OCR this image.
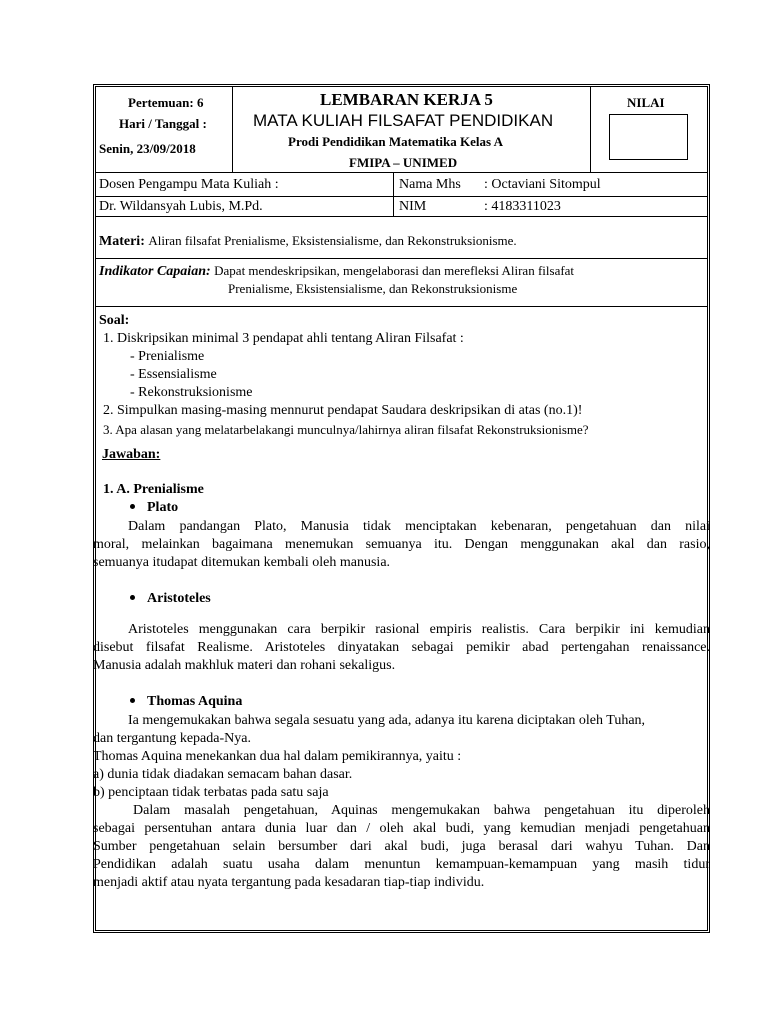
Pertemuan: 6
Hari / Tanggal :
Senin, 23/09/2018
LEMBARAN KERJA 5
MATA KULIAH FILSAFAT PENDIDIKAN
Prodi Pendidikan Matematika Kelas A
FMIPA – UNIMED
NILAI
Dosen Pengampu Mata Kuliah :
Dr. Wildansyah Lubis, M.Pd.
Nama Mhs : Octaviani Sitompul
NIM	: 4183311023
Materi: Aliran filsafat Prenialisme, Eksistensialisme, dan Rekonstruksionisme.
Indikator Capaian: Dapat mendeskripsikan, mengelaborasi dan merefleksi Aliran filsafat
Prenialisme, Eksistensialisme, dan Rekonstruksionisme
Soal:
1. Diskripsikan minimal 3 pendapat ahli tentang Aliran Filsafat :
- Prenialisme
- Essensialisme
- Rekonstruksionisme
2. Simpulkan masing-masing mennurut pendapat Saudara deskripsikan di atas (no.1)!
3. Apa alasan yang melatarbelakangi munculnya/lahirnya aliran filsafat Rekonstruksionisme?
Jawaban:
1. A. Prenialisme
Plato
Dalam pandangan Plato, Manusia tidak menciptakan kebenaran, pengetahuan dan nilai
moral, melainkan bagaimana menemukan semuanya itu. Dengan menggunakan akal dan rasio,
semuanya itudapat ditemukan kembali oleh manusia.
Aristoteles
Aristoteles menggunakan cara berpikir rasional empiris realistis. Cara berpikir ini kemudian
disebut filsafat Realisme. Aristoteles dinyatakan sebagai pemikir abad pertengahan renaissance.
Manusia adalah makhluk materi dan rohani sekaligus.
Thomas Aquina
Ia mengemukakan bahwa segala sesuatu yang ada, adanya itu karena diciptakan oleh Tuhan,
dan tergantung kepada-Nya.
Thomas Aquina menekankan dua hal dalam pemikirannya, yaitu :
a) dunia tidak diadakan semacam bahan dasar.
b) penciptaan tidak terbatas pada satu saja
Dalam masalah pengetahuan, Aquinas mengemukakan bahwa pengetahuan itu diperoleh
sebagai persentuhan antara dunia luar dan / oleh akal budi, yang kemudian menjadi pengetahuan
Sumber pengetahuan selain bersumber dari akal budi, juga berasal dari wahyu Tuhan. Dan
Pendidikan adalah suatu usaha dalam menuntun kemampuan-kemampuan yang masih tidur
menjadi aktif atau nyata tergantung pada kesadaran tiap-tiap individu.
